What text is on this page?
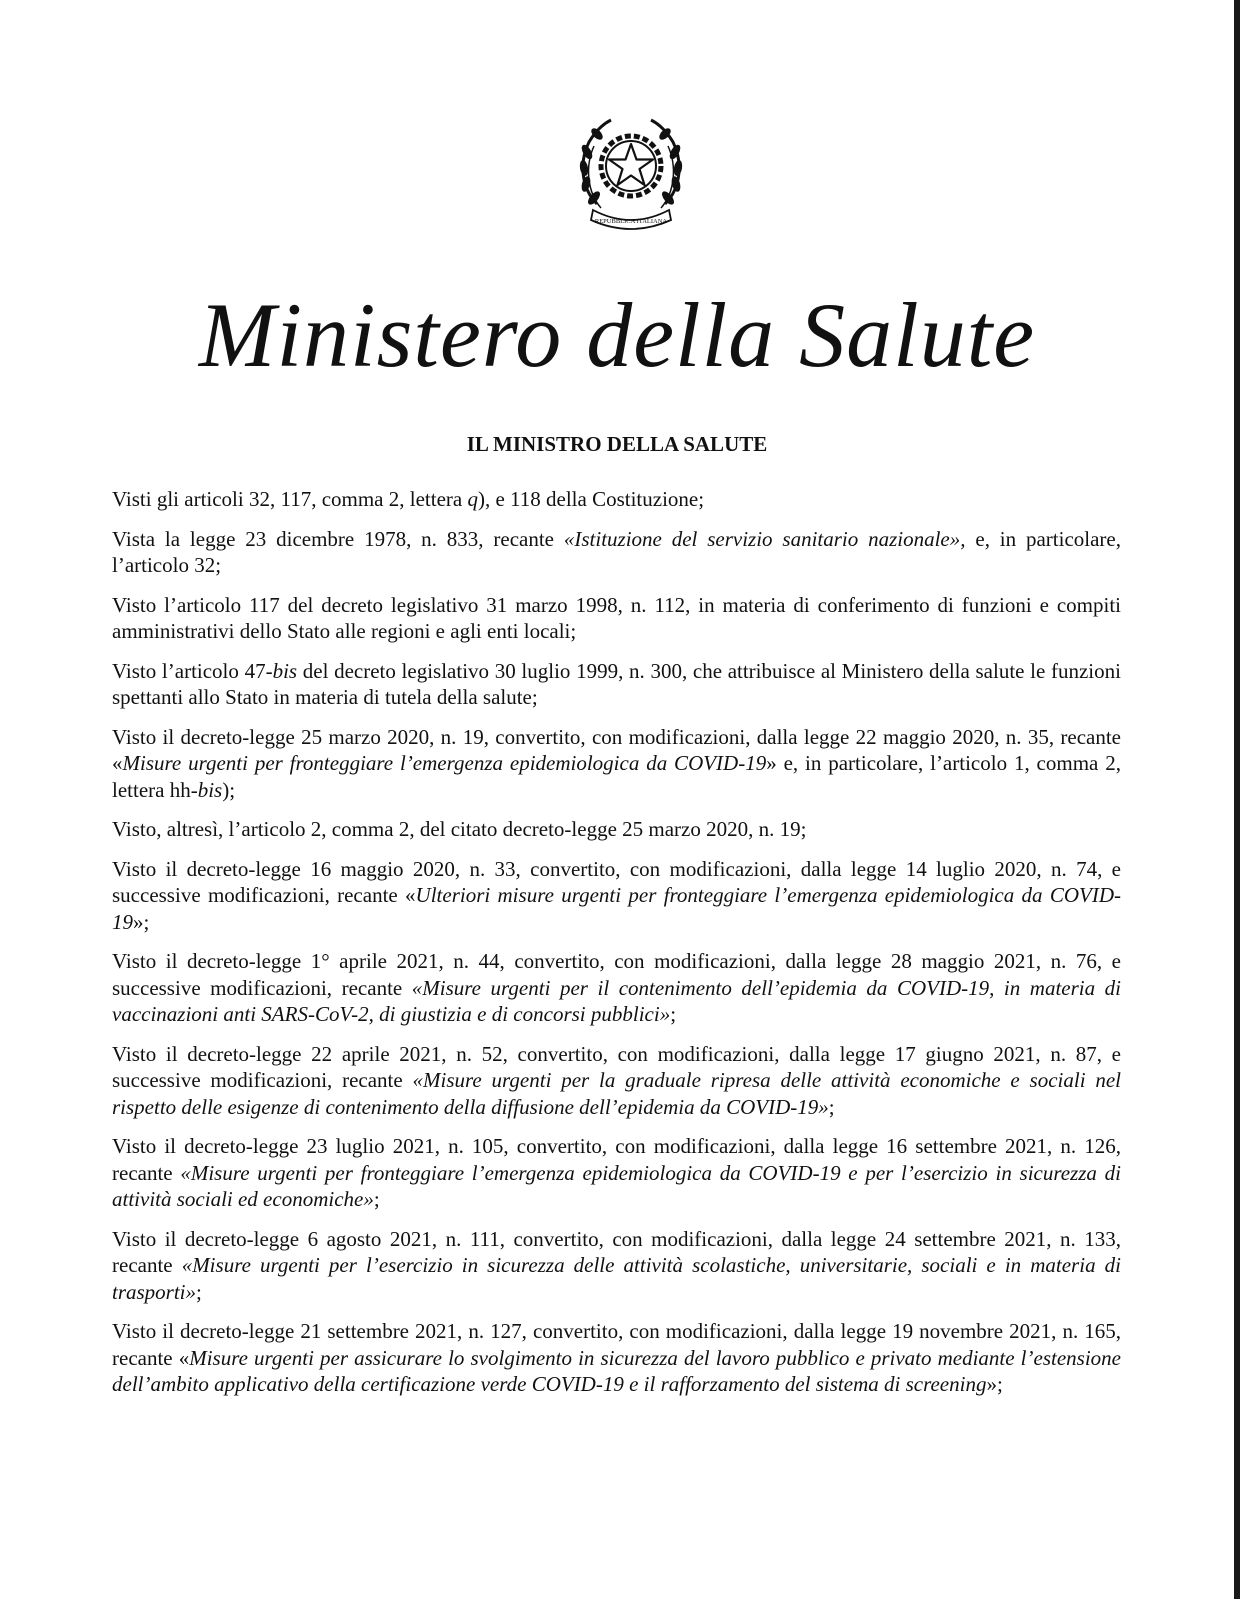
REPUBBLICA ITALIANA
Ministero della Salute
IL MINISTRO DELLA SALUTE

Visti gli articoli 32, 117, comma 2, lettera q), e 118 della Costituzione;

Vista la legge 23 dicembre 1978, n. 833, recante «Istituzione del servizio sanitario nazionale», e, in particolare, l’articolo 32;

Visto l’articolo 117 del decreto legislativo 31 marzo 1998, n. 112, in materia di conferimento di funzioni e compiti amministrativi dello Stato alle regioni e agli enti locali;

Visto l’articolo 47-bis del decreto legislativo 30 luglio 1999, n. 300, che attribuisce al Ministero della salute le funzioni spettanti allo Stato in materia di tutela della salute;

Visto il decreto-legge 25 marzo 2020, n. 19, convertito, con modificazioni, dalla legge 22 maggio 2020, n. 35, recante «Misure urgenti per fronteggiare l’emergenza epidemiologica da COVID-19» e, in particolare, l’articolo 1, comma 2, lettera hh-bis);

Visto, altresì, l’articolo 2, comma 2, del citato decreto-legge 25 marzo 2020, n. 19;

Visto il decreto-legge 16 maggio 2020, n. 33, convertito, con modificazioni, dalla legge 14 luglio 2020, n. 74, e successive modificazioni, recante «Ulteriori misure urgenti per fronteggiare l’emergenza epidemiologica da COVID-19»;

Visto il decreto-legge 1° aprile 2021, n. 44, convertito, con modificazioni, dalla legge 28 maggio 2021, n. 76, e successive modificazioni, recante «Misure urgenti per il contenimento dell’epidemia da COVID-19, in materia di vaccinazioni anti SARS-CoV-2, di giustizia e di concorsi pubblici»;

Visto il decreto-legge 22 aprile 2021, n. 52, convertito, con modificazioni, dalla legge 17 giugno 2021, n. 87, e successive modificazioni, recante «Misure urgenti per la graduale ripresa delle attività economiche e sociali nel rispetto delle esigenze di contenimento della diffusione dell’epidemia da COVID-19»;

Visto il decreto-legge 23 luglio 2021, n. 105, convertito, con modificazioni, dalla legge 16 settembre 2021, n. 126, recante «Misure urgenti per fronteggiare l’emergenza epidemiologica da COVID-19 e per l’esercizio in sicurezza di attività sociali ed economiche»;

Visto il decreto-legge 6 agosto 2021, n. 111, convertito, con modificazioni, dalla legge 24 settembre 2021, n. 133, recante «Misure urgenti per l’esercizio in sicurezza delle attività scolastiche, universitarie, sociali e in materia di trasporti»;

Visto il decreto-legge 21 settembre 2021, n. 127, convertito, con modificazioni, dalla legge 19 novembre 2021, n. 165, recante «Misure urgenti per assicurare lo svolgimento in sicurezza del lavoro pubblico e privato mediante l’estensione dell’ambito applicativo della certificazione verde COVID-19 e il rafforzamento del sistema di screening»;
